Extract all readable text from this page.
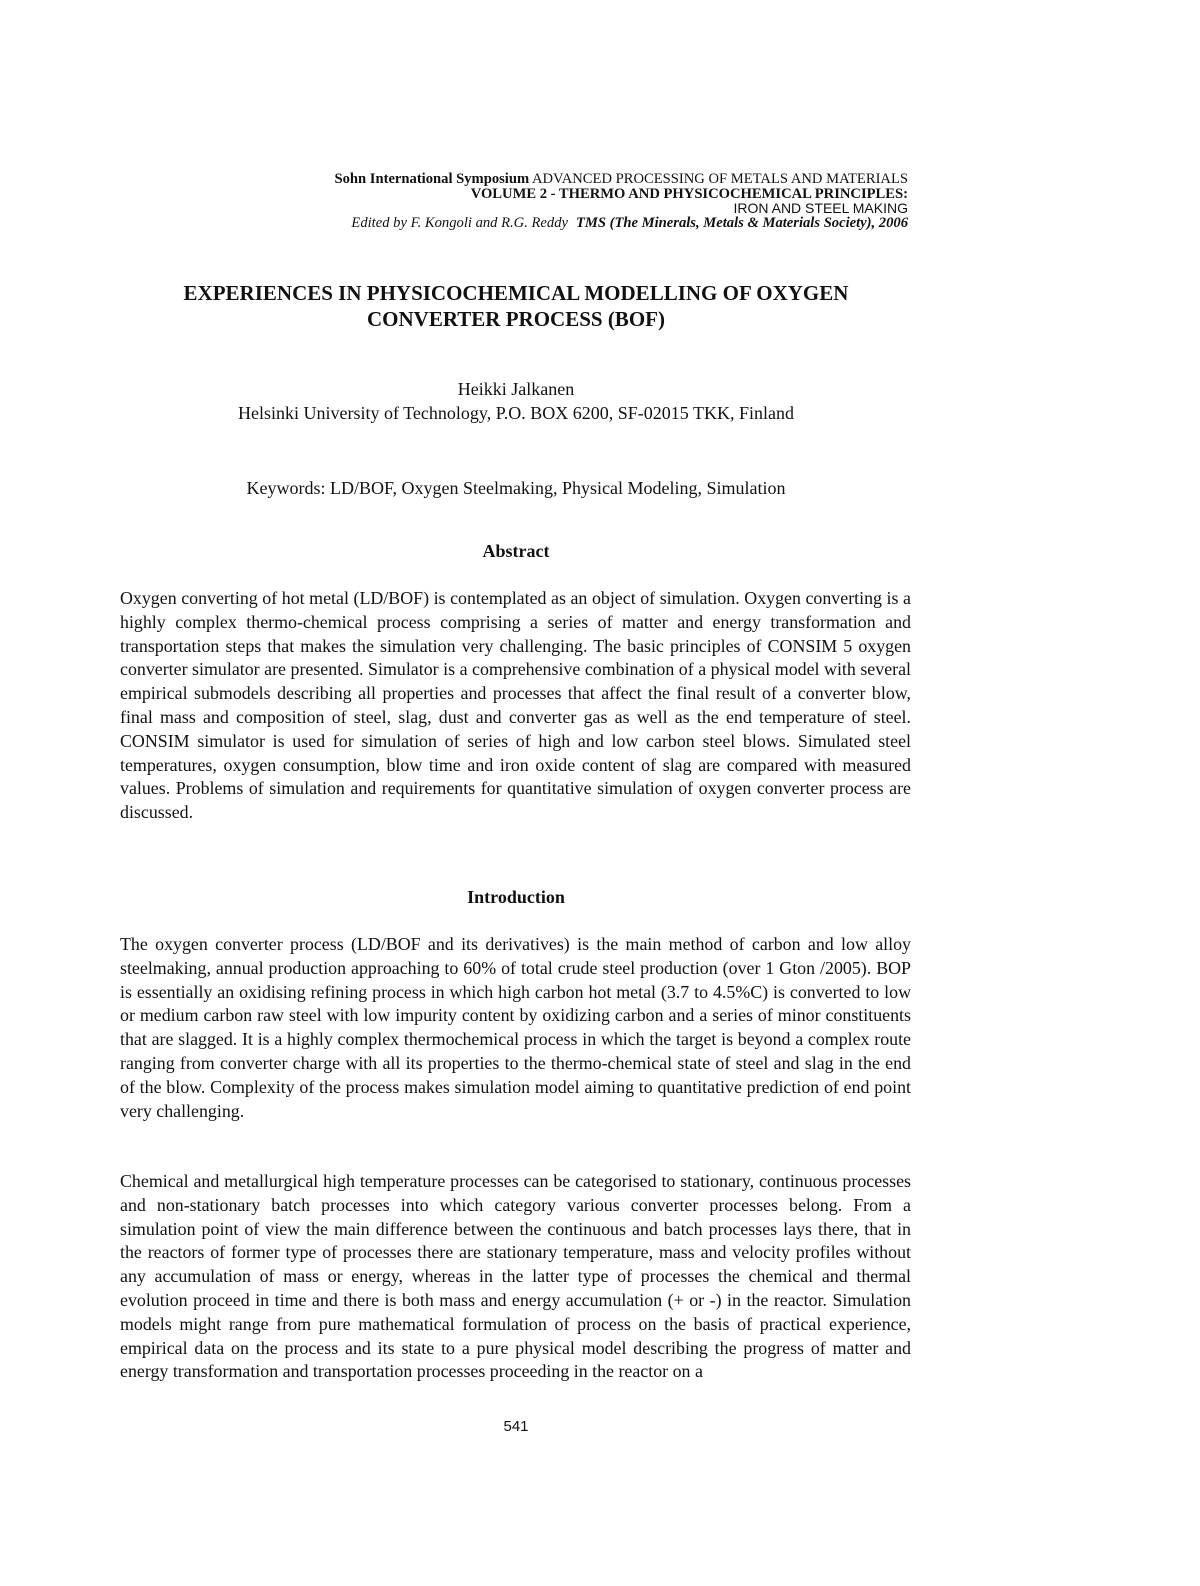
Sohn International Symposium ADVANCED PROCESSING OF METALS AND MATERIALS
VOLUME 2 - THERMO AND PHYSICOCHEMICAL PRINCIPLES:
IRON AND STEEL MAKING
Edited by F. Kongoli and R.G. Reddy TMS (The Minerals, Metals & Materials Society), 2006
EXPERIENCES IN PHYSICOCHEMICAL MODELLING OF OXYGEN
CONVERTER PROCESS (BOF)
Heikki Jalkanen
Helsinki University of Technology, P.O. BOX 6200, SF-02015 TKK, Finland
Keywords: LD/BOF, Oxygen Steelmaking, Physical Modeling, Simulation
Abstract

Oxygen converting of hot metal (LD/BOF) is contemplated as an object of simulation. Oxygen converting is a highly complex thermo-chemical process comprising a series of matter and energy transformation and transportation steps that makes the simulation very challenging. The basic principles of CONSIM 5 oxygen converter simulator are presented. Simulator is a comprehensive combination of a physical model with several empirical submodels describing all properties and processes that affect the final result of a converter blow, final mass and composition of steel, slag, dust and converter gas as well as the end temperature of steel. CONSIM simulator is used for simulation of series of high and low carbon steel blows. Simulated steel temperatures, oxygen consumption, blow time and iron oxide content of slag are compared with measured values. Problems of simulation and requirements for quantitative simulation of oxygen converter process are discussed.

Introduction

The oxygen converter process (LD/BOF and its derivatives) is the main method of carbon and low alloy steelmaking, annual production approaching to 60% of total crude steel production (over 1 Gton /2005). BOP is essentially an oxidising refining process in which high carbon hot metal (3.7 to 4.5%C) is converted to low or medium carbon raw steel with low impurity content by oxidizing carbon and a series of minor constituents that are slagged. It is a highly complex thermochemical process in which the target is beyond a complex route ranging from converter charge with all its properties to the thermo-chemical state of steel and slag in the end of the blow. Complexity of the process makes simulation model aiming to quantitative prediction of end point very challenging.

Chemical and metallurgical high temperature processes can be categorised to stationary, continuous processes and non-stationary batch processes into which category various converter processes belong. From a simulation point of view the main difference between the continuous and batch processes lays there, that in the reactors of former type of processes there are stationary temperature, mass and velocity profiles without any accumulation of mass or energy, whereas in the latter type of processes the chemical and thermal evolution proceed in time and there is both mass and energy accumulation (+ or -) in the reactor. Simulation models might range from pure mathematical formulation of process on the basis of practical experience, empirical data on the process and its state to a pure physical model describing the progress of matter and energy transformation and transportation processes proceeding in the reactor on a

541
